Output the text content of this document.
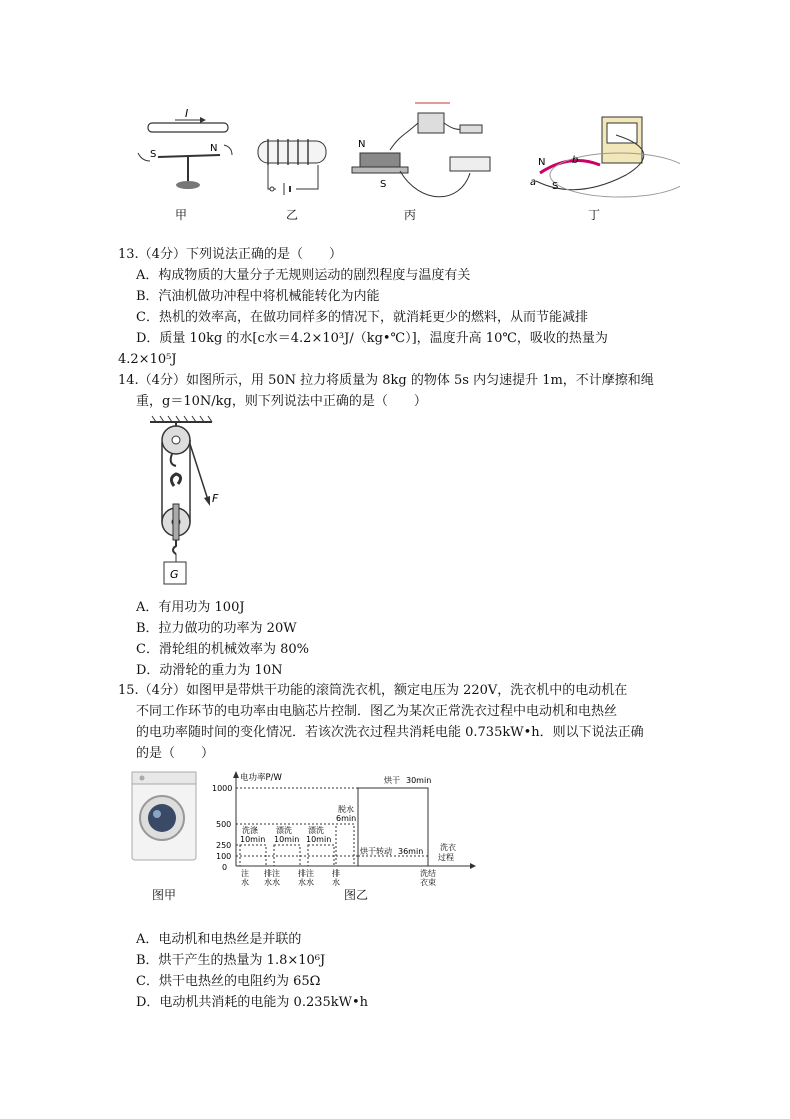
I
S
N	N
S
N
S
a
b
甲	乙	丙	丁
13.（4分）下列说法正确的是（　　）
A．构成物质的大量分子无规则运动的剧烈程度与温度有关
B．汽油机做功冲程中将机械能转化为内能
C．热机的效率高，在做功同样多的情况下，就消耗更少的燃料，从而节能减排
D．质量 10kg 的水[c水＝4.2×10³J/（kg•℃）]，温度升高 10℃，吸收的热量为
4.2×10⁵J
14.（4分）如图所示，用 50N 拉力将质量为 8kg 的物体 5s 内匀速提升 1m，不计摩擦和绳
重，g＝10N/kg，则下列说法中正确的是（　　）
F
G
A．有用功为 100J
B．拉力做功的功率为 20W
C．滑轮组的机械效率为 80%
D．动滑轮的重力为 10N
15.（4分）如图甲是带烘干功能的滚筒洗衣机，额定电压为 220V，洗衣机中的电动机在
不同工作环节的电功率由电脑芯片控制．图乙为某次正常洗衣过程中电动机和电热丝
的电功率随时间的变化情况．若该次洗衣过程共消耗电能 0.735kW•h．则以下说法正确
的是（　　）
图甲
电功率P/W
洗衣
过程
1000
500
250
100
0
洗涤
10min
漂洗
10min
漂洗
10min
脱水
6min
烘干转动 36min
烘干 30min
注
水
排注
水水
排注
水水
排
水
洗结
衣束
图乙
A．电动机和电热丝是并联的
B．烘干产生的热量为 1.8×10⁶J
C．烘干电热丝的电阻约为 65Ω
D．电动机共消耗的电能为 0.235kW•h
